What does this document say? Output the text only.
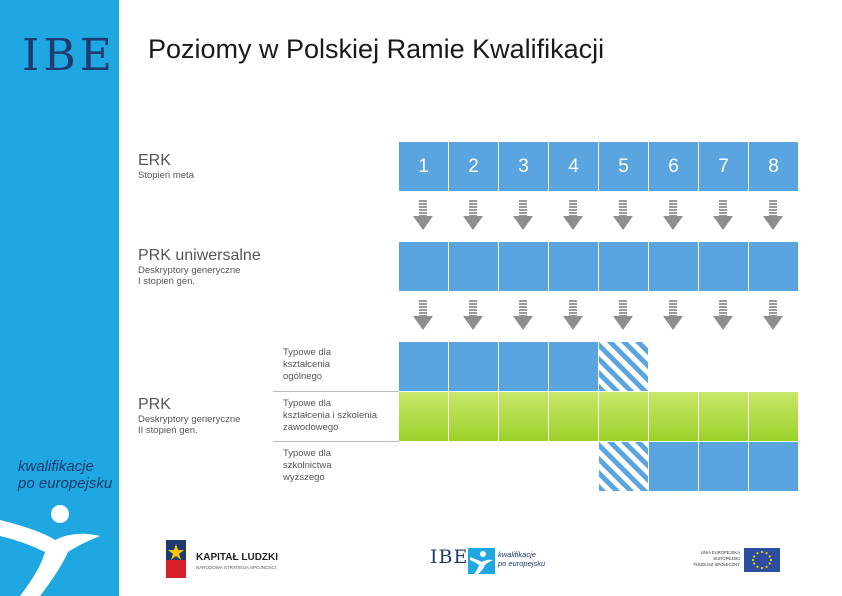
IBE
kwalifikacje
po europejsku
Poziomy w Polskiej Ramie Kwalifikacji
ERK
Stopień meta
PRK uniwersalne
Deskryptory generyczne
I stopień gen.
PRK
Deskryptory generyczne
II stopień gen.
Typowe dla
kształcenia
ogólnego
Typowe dla
kształcenia i szkolenia
zawodowego
Typowe dla
szkolnictwa
wyższego
1	2	3	4	5	6	7	8
KAPITAŁ LUDZKI
NARODOWA STRATEGIA SPÓJNOŚCI	IBE	kwalifikacje
po europejsku
UNIA EUROPEJSKA
EUROPEJSKI
FUNDUSZ SPOŁECZNY
